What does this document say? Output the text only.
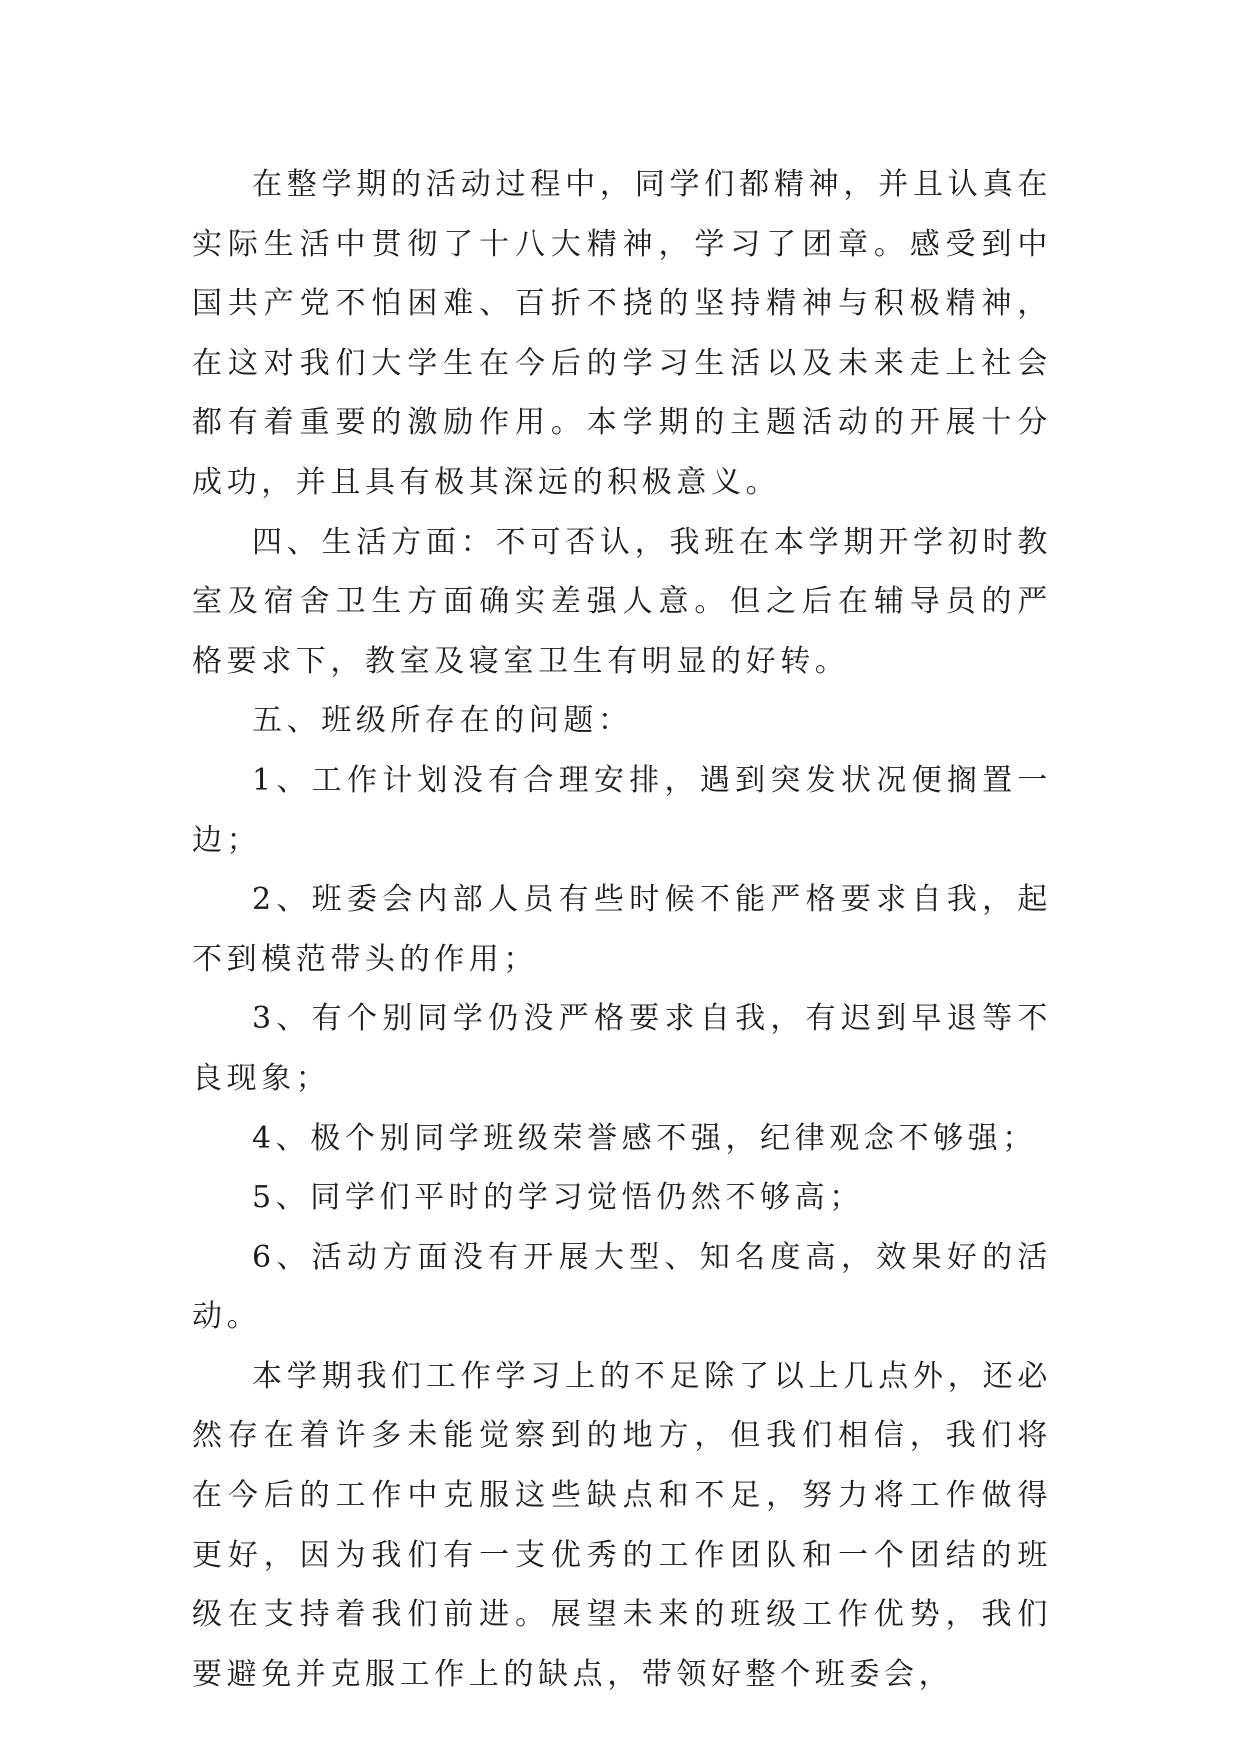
在整学期的活动过程中，同学们都精神，并且认真在实际生活中贯彻了十八大精神，学习了团章。感受到中国共产党不怕困难、百折不挠的坚持精神与积极精神，在这对我们大学生在今后的学习生活以及未来走上社会都有着重要的激励作用。本学期的主题活动的开展十分成功，并且具有极其深远的积极意义。

四、生活方面：不可否认，我班在本学期开学初时教室及宿舍卫生方面确实差强人意。但之后在辅导员的严格要求下，教室及寝室卫生有明显的好转。

五、班级所存在的问题：

1、工作计划没有合理安排，遇到突发状况便搁置一边；

2、班委会内部人员有些时候不能严格要求自我，起不到模范带头的作用；

3、有个别同学仍没严格要求自我，有迟到早退等不良现象；

4、极个别同学班级荣誉感不强，纪律观念不够强；

5、同学们平时的学习觉悟仍然不够高；

6、活动方面没有开展大型、知名度高，效果好的活动。

本学期我们工作学习上的不足除了以上几点外，还必然存在着许多未能觉察到的地方，但我们相信，我们将在今后的工作中克服这些缺点和不足，努力将工作做得更好，因为我们有一支优秀的工作团队和一个团结的班级在支持着我们前进。展望未来的班级工作优势，我们要避免并克服工作上的缺点，带领好整个班委会，
